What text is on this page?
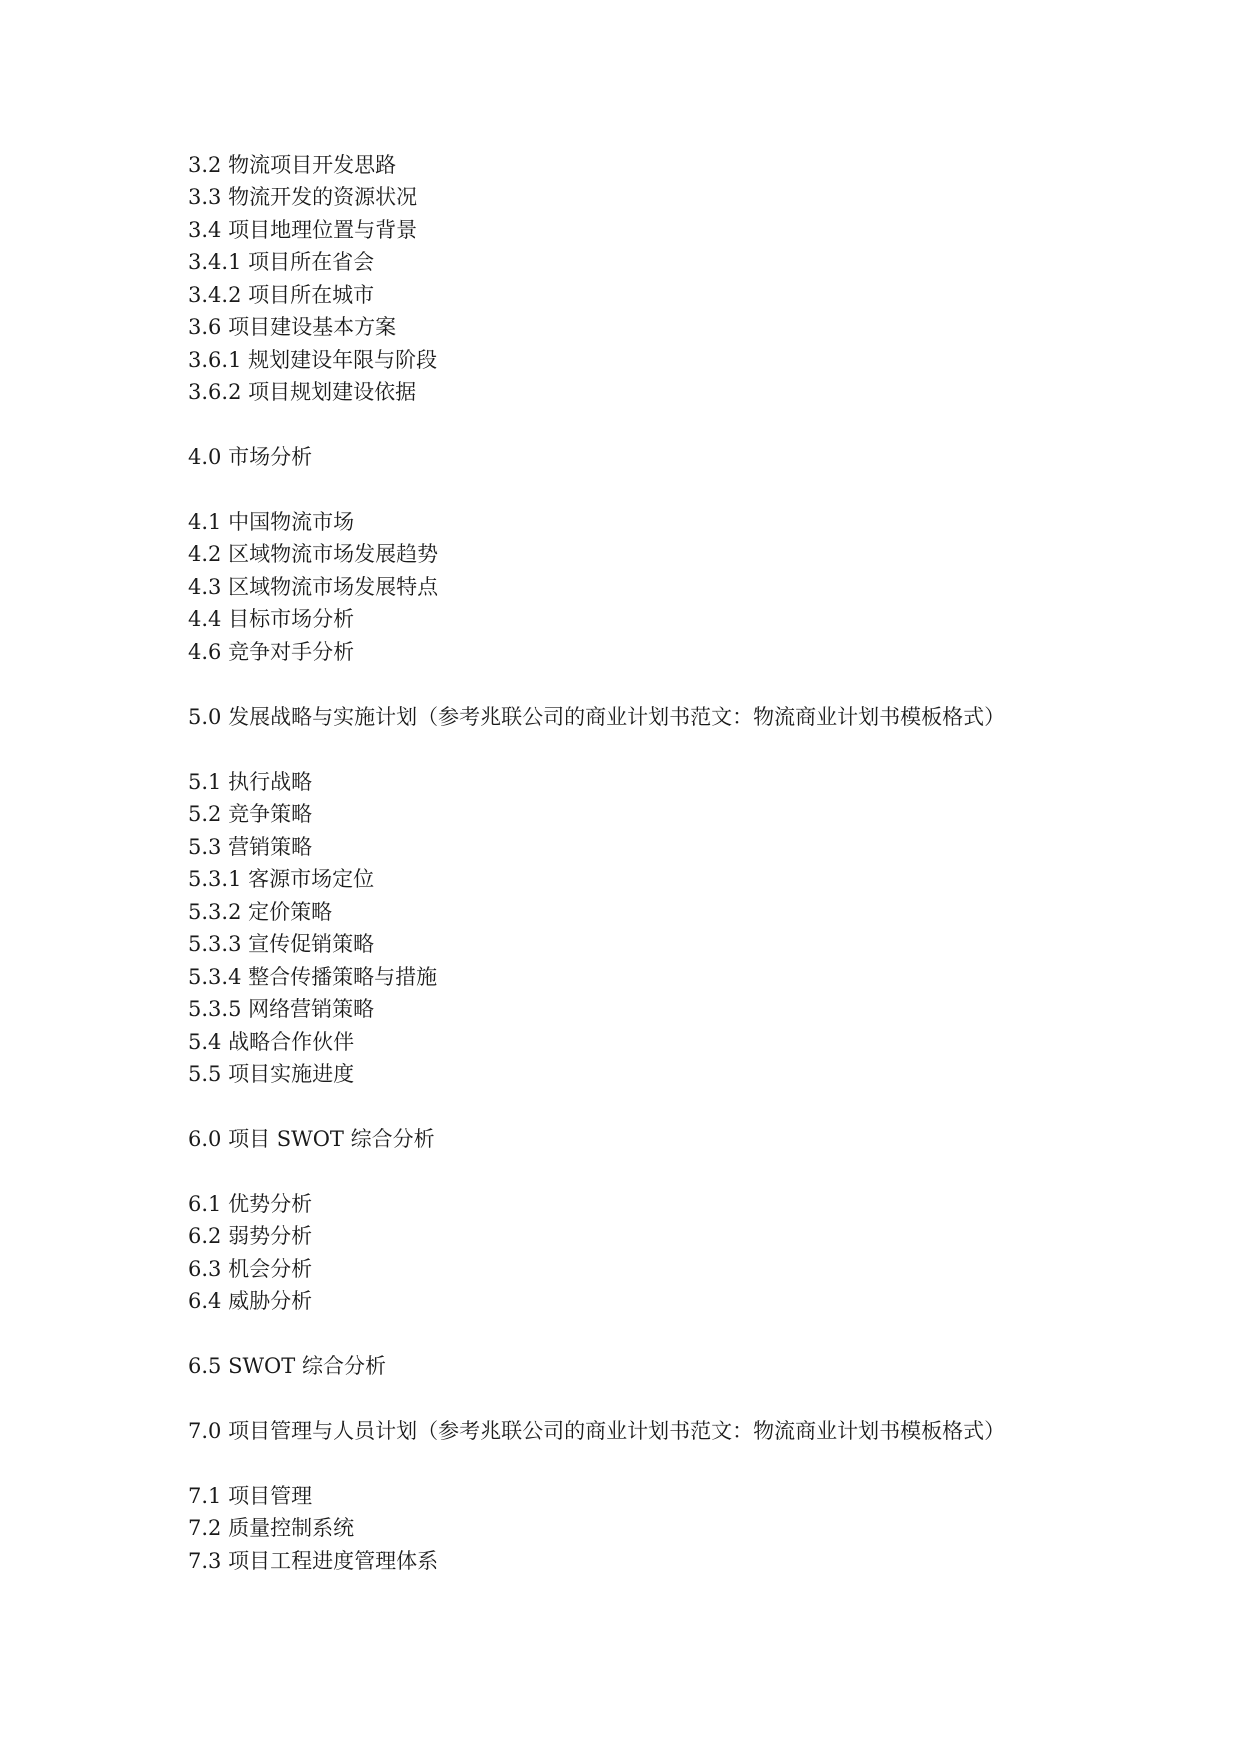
3.2 物流项目开发思路
3.3 物流开发的资源状况
3.4 项目地理位置与背景
3.4.1 项目所在省会
3.4.2 项目所在城市
3.6 项目建设基本方案
3.6.1 规划建设年限与阶段
3.6.2 项目规划建设依据
4.0 市场分析
4.1 中国物流市场
4.2 区域物流市场发展趋势
4.3 区域物流市场发展特点
4.4 目标市场分析
4.6 竞争对手分析
5.0 发展战略与实施计划（参考兆联公司的商业计划书范文：物流商业计划书模板格式）
5.1 执行战略
5.2 竞争策略
5.3 营销策略
5.3.1 客源市场定位
5.3.2 定价策略
5.3.3 宣传促销策略
5.3.4 整合传播策略与措施
5.3.5 网络营销策略
5.4 战略合作伙伴
5.5 项目实施进度
6.0 项目 SWOT 综合分析
6.1 优势分析
6.2 弱势分析
6.3 机会分析
6.4 威胁分析
6.5 SWOT 综合分析
7.0 项目管理与人员计划（参考兆联公司的商业计划书范文：物流商业计划书模板格式）
7.1 项目管理
7.2 质量控制系统
7.3 项目工程进度管理体系
